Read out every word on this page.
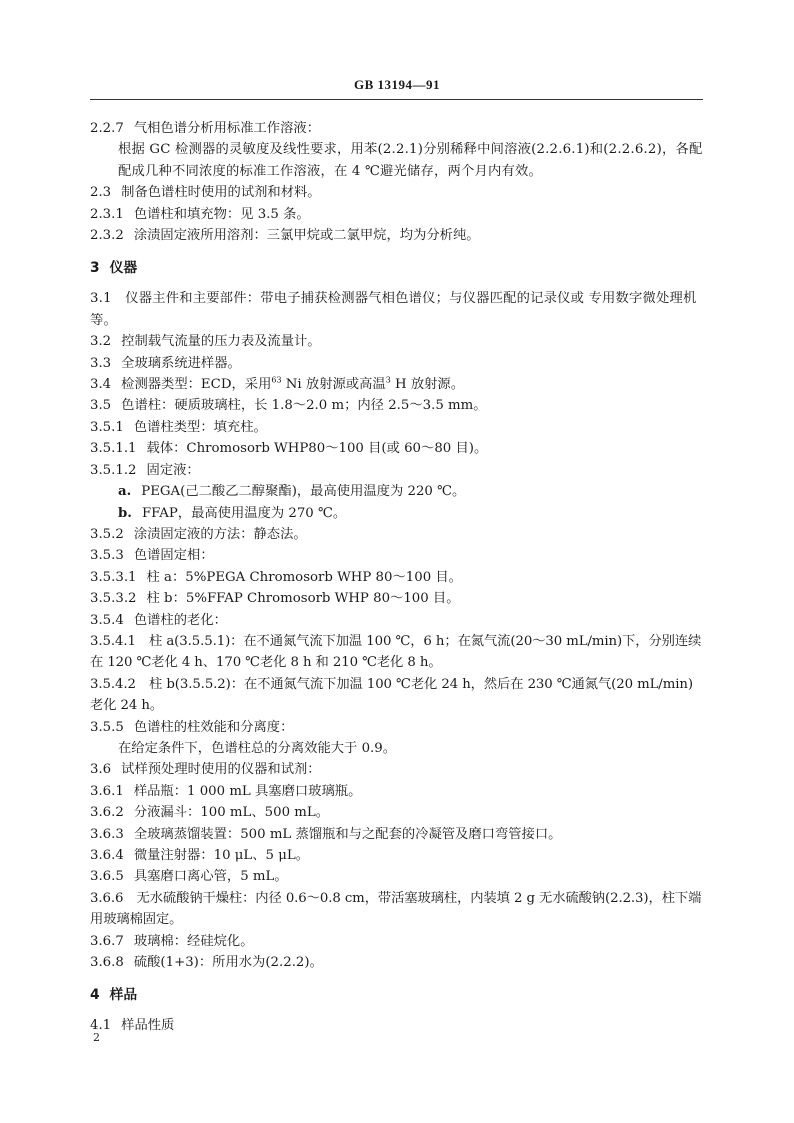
GB 13194—91

2.2.7 气相色谱分析用标准工作溶液：

根据 GC 检测器的灵敏度及线性要求，用苯(2.2.1)分别稀释中间溶液(2.2.6.1)和(2.2.6.2)，各配配成几种不同浓度的标准工作溶液，在 4 ℃避光储存，两个月内有效。

2.3 制备色谱柱时使用的试剂和材料。

2.3.1 色谱柱和填充物：见 3.5 条。

2.3.2 涂渍固定液所用溶剂：三氯甲烷或二氯甲烷，均为分析纯。

3 仪器

3.1　仪器主件和主要部件：带电子捕获检测器气相色谱仪；与仪器匹配的记录仪或 专用数字微处理机等。

3.2 控制载气流量的压力表及流量计。

3.3 全玻璃系统进样器。

3.4 检测器类型：ECD，采用$^{63}$ Ni 放射源或高温$^3$ H 放射源。

3.5 色谱柱：硬质玻璃柱，长 1.8～2.0 m；内径 2.5～3.5 mm。

3.5.1 色谱柱类型：填充柱。

3.5.1.1 载体：Chromosorb WHP80～100 目(或 60～80 目)。

3.5.1.2 固定液：

a. PEGA(己二酸乙二醇聚酯)，最高使用温度为 220 ℃。

b. FFAP，最高使用温度为 270 ℃。

3.5.2 涂渍固定液的方法：静态法。

3.5.3 色谱固定相：

3.5.3.1 柱 a：5%PEGA Chromosorb WHP 80～100 目。

3.5.3.2 柱 b：5%FFAP Chromosorb WHP 80～100 目。

3.5.4 色谱柱的老化：

3.5.4.1　柱 a(3.5.5.1)：在不通氮气流下加温 100 ℃，6 h；在氮气流(20～30 mL/min)下，分别连续在 120 ℃老化 4 h、170 ℃老化 8 h 和 210 ℃老化 8 h。

3.5.4.2　柱 b(3.5.5.2)：在不通氮气流下加温 100 ℃老化 24 h，然后在 230 ℃通氮气(20 mL/min)老化 24 h。

3.5.5 色谱柱的柱效能和分离度：

在给定条件下，色谱柱总的分离效能大于 0.9。

3.6 试样预处理时使用的仪器和试剂：

3.6.1 样品瓶：1 000 mL 具塞磨口玻璃瓶。

3.6.2 分液漏斗：100 mL、500 mL。

3.6.3 全玻璃蒸馏装置：500 mL 蒸馏瓶和与之配套的冷凝管及磨口弯管接口。

3.6.4 微量注射器：10 μL、5 μL。

3.6.5 具塞磨口离心管，5 mL。

3.6.6　无水硫酸钠干燥柱：内径 0.6～0.8 cm，带活塞玻璃柱，内装填 2 g 无水硫酸钠(2.2.3)，柱下端用玻璃棉固定。

3.6.7 玻璃棉：经硅烷化。

3.6.8 硫酸(1+3)：所用水为(2.2.2)。

4 样品

4.1 样品性质

2
